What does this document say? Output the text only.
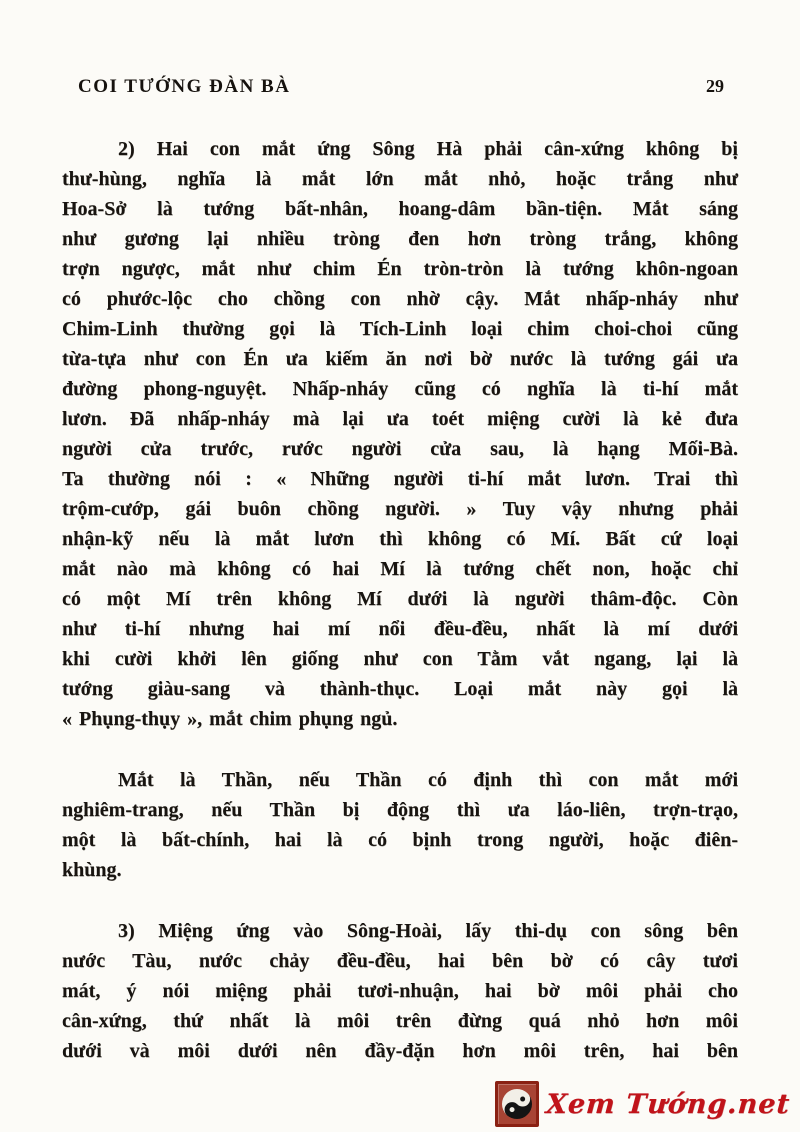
COI TƯỚNG ĐÀN BÀ	29
2) Hai con mắt ứng Sông Hà phải cân-xứng không bị
thư-hùng, nghĩa là mắt lớn mắt nhỏ, hoặc trắng như
Hoa-Sở là tướng bất-nhân, hoang-dâm bần-tiện. Mắt sáng
như gương lại nhiều tròng đen hơn tròng trắng, không
trợn ngược, mắt như chim Én tròn-tròn là tướng khôn-ngoan
có phước-lộc cho chồng con nhờ cậy. Mắt nhấp-nháy như
Chim-Linh thường gọi là Tích-Linh loại chim choi-choi cũng
từa-tựa như con Én ưa kiếm ăn nơi bờ nước là tướng gái ưa
đường phong-nguyệt. Nhấp-nháy cũng có nghĩa là ti-hí mắt
lươn. Đã nhấp-nháy mà lại ưa toét miệng cười là kẻ đưa
người cửa trước, rước người cửa sau, là hạng Mối-Bà.
Ta thường nói : « Những người ti-hí mắt lươn. Trai thì
trộm-cướp, gái buôn chồng người. » Tuy vậy nhưng phải
nhận-kỹ nếu là mắt lươn thì không có Mí. Bất cứ loại
mắt nào mà không có hai Mí là tướng chết non, hoặc chỉ
có một Mí trên không Mí dưới là người thâm-độc. Còn
như ti-hí nhưng hai mí nổi đều-đều, nhất là mí dưới
khi cười khởi lên giống như con Tằm vắt ngang, lại là
tướng giàu-sang và thành-thục. Loại mắt này gọi là
« Phụng-thụy », mắt chim phụng ngủ.
Mắt là Thần, nếu Thần có định thì con mắt mới
nghiêm-trang, nếu Thần bị động thì ưa láo-liên, trợn-trạo,
một là bất-chính, hai là có bịnh trong người, hoặc điên-
khùng.
3) Miệng ứng vào Sông-Hoài, lấy thi-dụ con sông bên
nước Tàu, nước chảy đều-đều, hai bên bờ có cây tươi
mát, ý nói miệng phải tươi-nhuận, hai bờ môi phải cho
cân-xứng, thứ nhất là môi trên đừng quá nhỏ hơn môi
dưới và môi dưới nên đầy-đặn hơn môi trên, hai bên
Xem Tướng.net
